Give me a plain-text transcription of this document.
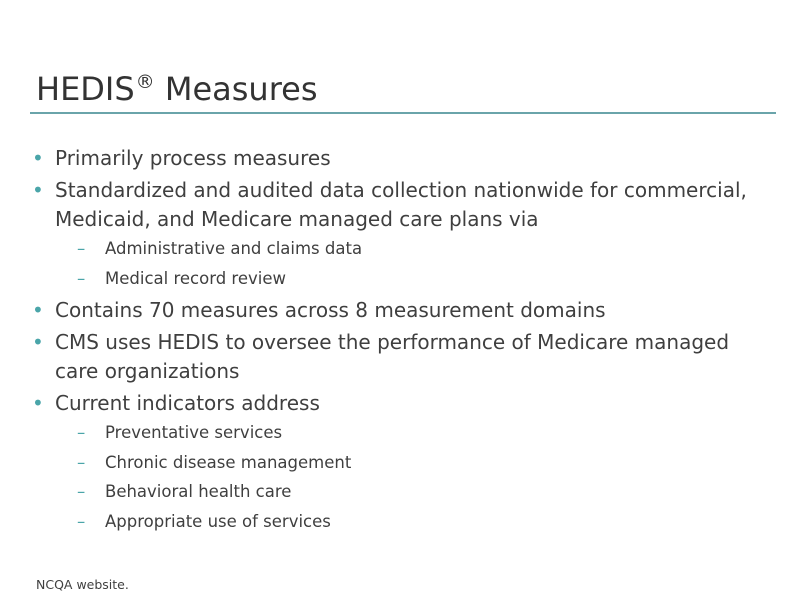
HEDIS® Measures
• Primarily process measures
• Standardized and audited data collection nationwide for commercial, Medicaid, and Medicare managed care plans via
– Administrative and claims data
– Medical record review
• Contains 70 measures across 8 measurement domains
• CMS uses HEDIS to oversee the performance of Medicare managed care organizations
• Current indicators address
– Preventative services
– Chronic disease management
– Behavioral health care
– Appropriate use of services
NCQA website.
